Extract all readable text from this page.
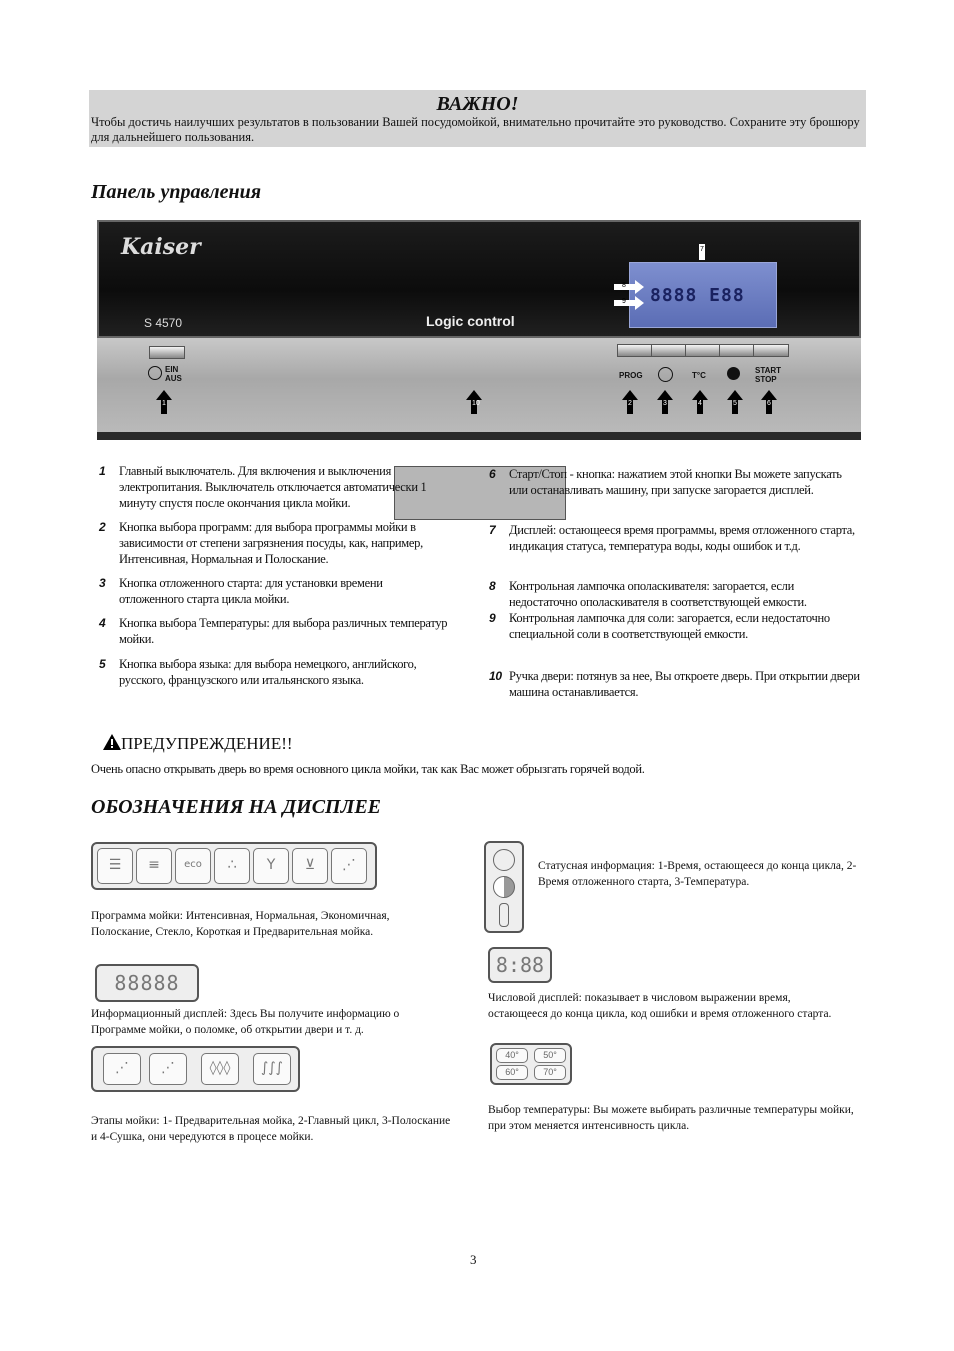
ВАЖНО!

Чтобы достичь наилучших результатов в пользовании Вашей посудомойкой, внимательно прочитайте это руководство. Сохраните эту брошюру для дальнейшего пользования.

Панель управления
Kaiser
S 4570	Logic control
8888 E88
EIN
AUS	PROG	T°C
START
STOP
1	Главный выключатель. Для включения и выключения электропитания. Выключатель отключается автоматически 1 минуту спустя после окончания цикла мойки.
2	Кнопка выбора программ: для выбора программы мойки в зависимости от степени загрязнения посуды, как, например, Интенсивная, Нормальная и Полоскание.
3	Кнопка отложенного старта: для установки времени отложенного старта цикла мойки.
4	Кнопка выбора Температуры: для выбора различных температур мойки.
5	Кнопка выбора языка: для выбора немецкого, английского, русского, французского или итальянского языка.
6	Старт/Стоп - кнопка: нажатием этой кнопки Вы можете запускать или останавливать машину, при запуске загорается дисплей.
7	Дисплей: остающееся время программы, время отложенного старта, индикация статуса, температура воды, коды ошибок и т.д.
8	Контрольная лампочка ополаскивателя: загорается, если недостаточно ополаскивателя в соответствующей емкости.
9	Контрольная лампочка для соли: загорается, если недостаточно специальной соли в соответствующей емкости.
10 Ручка двери: потянув за нее, Вы откроете дверь. При открытии двери машина останавливается.
ПРЕДУПРЕЖДЕНИЕ!!
Очень опасно открывать дверь во время основного цикла мойки, так как Вас может обрызгать горячей водой.
ОБОЗНАЧЕНИЯ НА ДИСПЛЕЕ
☰	≡	eco	∴	Y	⊻	⋰
Программа мойки: Интенсивная, Нормальная, Экономичная, Полоскание, Стекло, Короткая и Предварительная мойка.
88888
Информационный дисплей: Здесь Вы получите информацию о Программе мойки, о поломке, об открытии двери и т. д.
⋰	⋰	◊◊◊	∫∫∫
Этапы мойки: 1- Предварительная мойка, 2-Главный цикл, 3-Полоскание и 4-Сушка, они чередуются в процесе мойки.
Статусная информация: 1-Время, остающееся до конца цикла, 2-Время отложенного старта, 3-Температура.
8:88
Числовой дисплей: показывает в числовом выражении время, остающееся до конца цикла, код ошибки и время отложенного старта.
40°	50°
60°	70°
Выбор температуры: Вы можете выбирать различные температуры мойки, при этом меняется интенсивность цикла.
3
1	10	2	3	4	5	6
7
8
9
